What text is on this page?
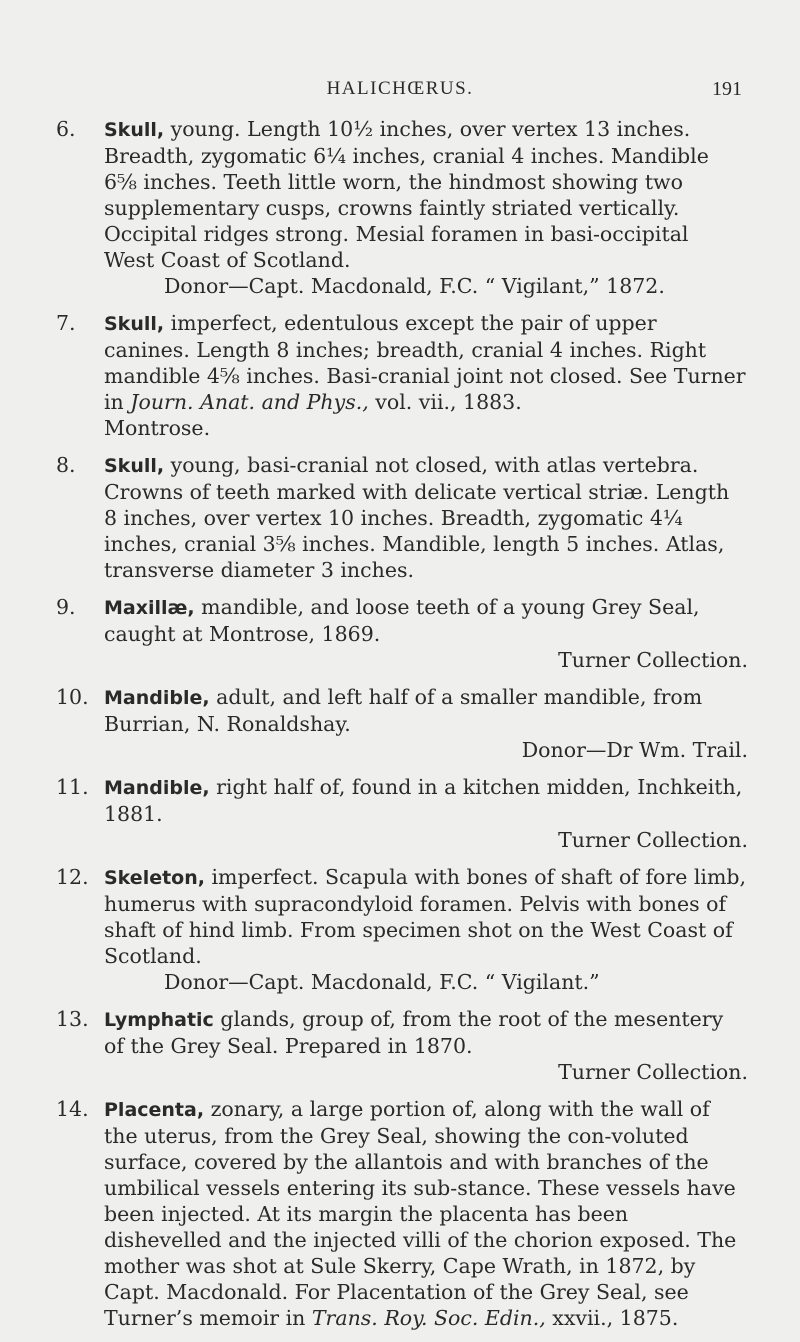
HALICHŒRUS.	191

6.	Skull, young. Length 10½ inches, over vertex 13 inches. Breadth, zygomatic 6¼ inches, cranial 4 inches. Mandible 6⅝ inches. Teeth little worn, the hindmost showing two supplementary cusps, crowns faintly striated vertically. Occipital ridges strong. Mesial foramen in basi-occipital
West Coast of Scotland.
Donor—Capt. Macdonald, F.C. “ Vigilant,” 1872.

7.	Skull, imperfect, edentulous except the pair of upper canines. Length 8 inches; breadth, cranial 4 inches. Right mandible 4⅝ inches. Basi-cranial joint not closed. See Turner in Journ. Anat. and Phys., vol. vii., 1883.
Montrose.

8.	Skull, young, basi-cranial not closed, with atlas vertebra. Crowns of teeth marked with delicate vertical striæ. Length 8 inches, over vertex 10 inches. Breadth, zygomatic 4¼ inches, cranial 3⅝ inches. Mandible, length 5 inches. Atlas, transverse diameter 3 inches.

9.	Maxillæ, mandible, and loose teeth of a young Grey Seal, caught at Montrose, 1869.
Turner Collection.

10. Mandible, adult, and left half of a smaller mandible, from Burrian, N. Ronaldshay.
Donor—Dr Wm. Trail.

11. Mandible, right half of, found in a kitchen midden, Inchkeith, 1881.
Turner Collection.

12. Skeleton, imperfect. Scapula with bones of shaft of fore limb, humerus with supracondyloid foramen. Pelvis with bones of shaft of hind limb. From specimen shot on the West Coast of Scotland.
Donor—Capt. Macdonald, F.C. “ Vigilant.”

13. Lymphatic glands, group of, from the root of the mesentery of the Grey Seal. Prepared in 1870.
Turner Collection.

14. Placenta, zonary, a large portion of, along with the wall of the uterus, from the Grey Seal, showing the con-voluted surface, covered by the allantois and with branches of the umbilical vessels entering its sub-stance. These vessels have been injected. At its margin the placenta has been dishevelled and the injected villi of the chorion exposed. The mother was shot at Sule Skerry, Cape Wrath, in 1872, by Capt. Macdonald. For Placentation of the Grey Seal, see Turner’s memoir in Trans. Roy. Soc. Edin., xxvii., 1875.
